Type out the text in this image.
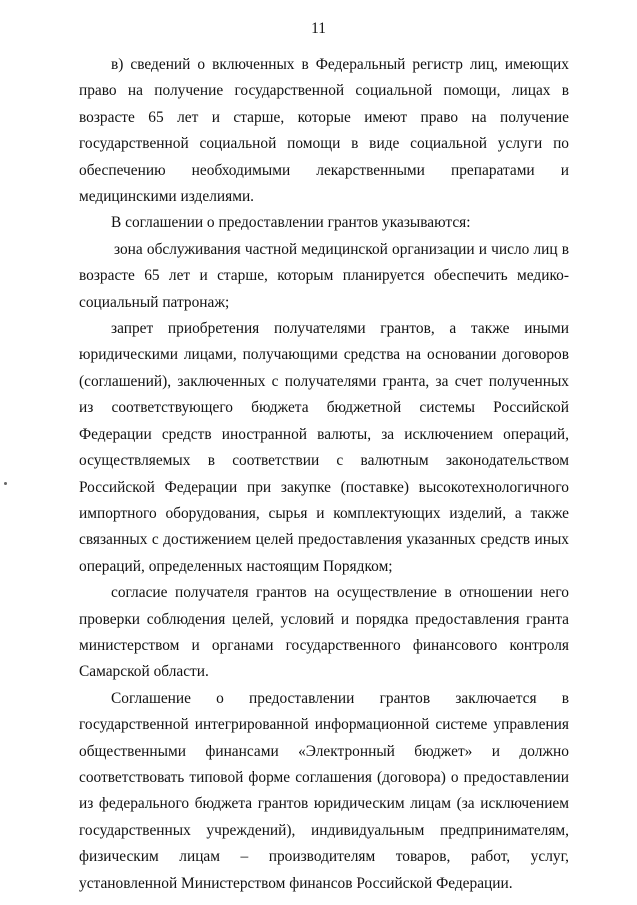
11

в) сведений о включенных в Федеральный регистр лиц, имеющих право на получение государственной социальной помощи, лицах в возрасте 65 лет и старше, которые имеют право на получение государственной социальной помощи в виде социальной услуги по обеспечению необходимыми лекарственными препаратами и медицинскими изделиями.

В соглашении о предоставлении грантов указываются:

зона обслуживания частной медицинской организации и число лиц в возрасте 65 лет и старше, которым планируется обеспечить медико-социальный патронаж;

запрет приобретения получателями грантов, а также иными юридическими лицами, получающими средства на основании договоров (соглашений), заключенных с получателями гранта, за счет полученных из соответствующего бюджета бюджетной системы Российской Федерации средств иностранной валюты, за исключением операций, осуществляемых в соответствии с валютным законодательством Российской Федерации при закупке (поставке) высокотехнологичного импортного оборудования, сырья и комплектующих изделий, а также связанных с достижением целей предоставления указанных средств иных операций, определенных настоящим Порядком;

согласие получателя грантов на осуществление в отношении него проверки соблюдения целей, условий и порядка предоставления гранта министерством и органами государственного финансового контроля Самарской области.

Соглашение о предоставлении грантов заключается в государственной интегрированной информационной системе управления общественными финансами «Электронный бюджет» и должно соответствовать типовой форме соглашения (договора) о предоставлении из федерального бюджета грантов юридическим лицам (за исключением государственных учреждений), индивидуальным предпринимателям, физическим лицам – производителям товаров, работ, услуг, установленной Министерством финансов Российской Федерации.
